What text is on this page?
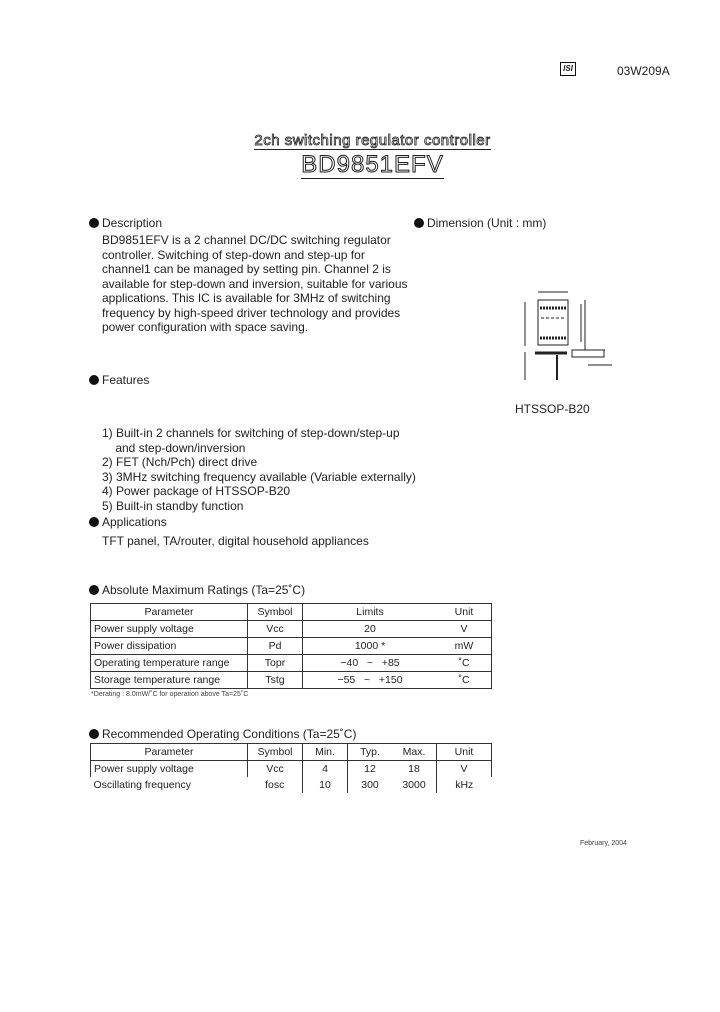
ISI	03W209A
2ch switching regulator controller
BD9851EFV
Description
BD9851EFV is a 2 channel DC/DC switching regulator
controller. Switching of step-down and step-up for
channel1 can be managed by setting pin. Channel 2 is
available for step-down and inversion, suitable for various
applications. This IC is available for 3MHz of switching
frequency by high-speed driver technology and provides
power configuration with space saving.
Dimension (Unit : mm)
HTSSOP-B20
Features

1) Built-in 2 channels for switching of step-down/step-up
and step-down/inversion
2) FET (Nch/Pch) direct drive
3) 3MHz switching frequency available (Variable externally)
4) Power package of HTSSOP-B20
5) Built-in standby function

Applications
TFT panel, TA/router, digital household appliances
Absolute Maximum Ratings (Ta=25˚C)
Parameter	Symbol	Limits	Unit
Power supply voltage	Vcc	20	V
Power dissipation	Pd	1000 *	mW
Operating temperature range	Topr	−40   ~   +85	˚C
Storage temperature range	Tstg	−55   ~   +150	˚C
*Derating : 8.0mW/˚C for operation above Ta=25˚C
Recommended Operating Conditions (Ta=25˚C)
Parameter	Symbol	Min.	Typ.	Max.	Unit
Power supply voltage	Vcc	4	12	18	V
Oscillating frequency	fosc	10	300	3000	kHz
February, 2004
